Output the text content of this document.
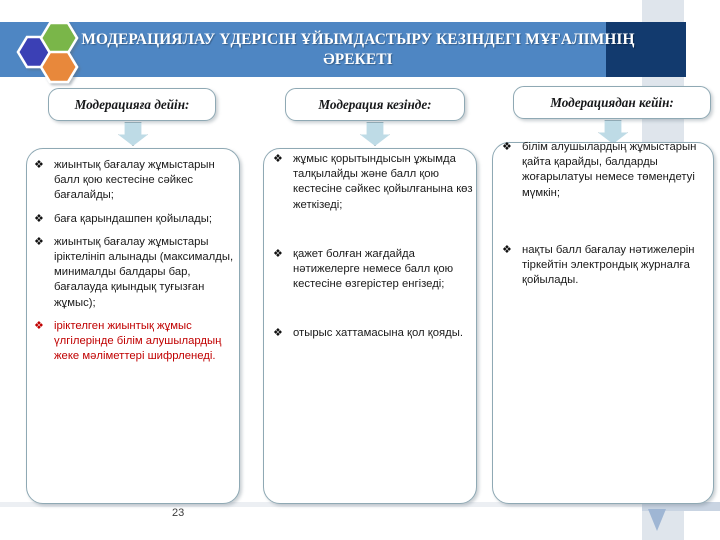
МОДЕРАЦИЯЛАУ ҮДЕРІСІН ҰЙЫМДАСТЫРУ КЕЗІНДЕГІ МҰҒАЛІМНІҢ ӘРЕКЕТІ
Модерацияға дейін:
❖ жиынтық бағалау жұмыстарын балл қою кестесіне сәйкес бағалайды;
❖ баға қарындашпен қойылады;
❖ жиынтық бағалау жұмыстары іріктелініп алынады (максималды, минималды балдары бар, бағалауда қиындық туғызған жұмыс);
❖ іріктелген жиынтық жұмыс үлгілерінде білім алушылардың жеке мәліметтері шифрленеді.
Модерация кезінде:
❖ жұмыс қорытындысын ұжымда талқылайды және балл қою кестесіне сәйкес қойылғанына көз жеткізеді;
❖ қажет болған жағдайда нәтижелерге немесе балл қою кестесіне өзгерістер енгізеді;
❖ отырыс хаттамасына қол қояды.
Модерациядан кейін:
❖ білім алушылардың жұмыстарын қайта қарайды, балдарды жоғарылатуы немесе төмендетуі мүмкін;
❖ нақты балл бағалау нәтижелерін тіркейтін электрондық журналға қойылады.
23
